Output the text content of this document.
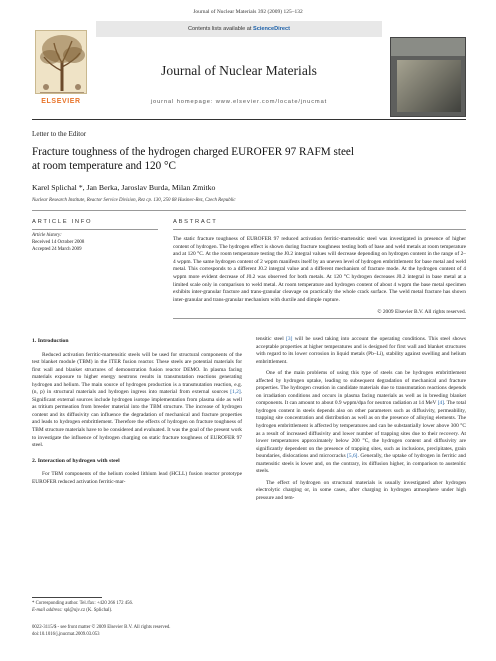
Journal of Nuclear Materials 392 (2009) 125–132
ELSEVIER
Contents lists available at ScienceDirect
Journal of Nuclear Materials
journal homepage: www.elsevier.com/locate/jnucmat
Letter to the Editor
Fracture toughness of the hydrogen charged EUROFER 97 RAFM steel
at room temperature and 120 °C
Karel Splichal *, Jan Berka, Jaroslav Burda, Milan Zmitko
Nuclear Research Institute, Reactor Service Division, Rez cp. 130, 250 68 Husinec-Rez, Czech Republic
ARTICLE INFO	ABSTRACT
Article history:
Received 14 October 2008
Accepted 24 March 2009
The static fracture toughness of EUROFER 97 reduced activation ferritic-martensitic steel was investigated in presence of higher content of hydrogen. The hydrogen effect is shown during fracture toughness testing both of base and weld metals at room temperature and at 120 °C. At the room temperature testing the J0.2 integral values will decrease depending on hydrogen content in the range of 2–4 wppm. The same hydrogen content of 2 wppm manifests itself by an uneven level of hydrogen embrittlement for base metal and weld metal. This corresponds to a different J0.2 integral value and a different mechanism of fracture mode. At the hydrogen content of 4 wppm more evident decrease of J0.2 was observed for both metals. At 120 °C hydrogen decreases J0.2 integral in base metal at a limited scale only in comparison to weld metal. At room temperature and hydrogen content of about 4 wppm the base metal specimen exhibits inter-granular fracture and trans-granular cleavage on practically the whole crack surface. The weld metal fracture has shown inter-granular and trans-granular mechanism with ductile and dimple rupture.
© 2009 Elsevier B.V. All rights reserved.
1. Introduction

Reduced activation ferritic-martensitic steels will be used for structural components of the test blanket module (TBM) in the ITER fusion reactor. These steels are potential materials for first wall and blanket structures of demonstration fusion reactor DEMO. In plasma facing materials exposure to higher energy neutrons results in transmutation reactions generating hydrogen and helium. The main source of hydrogen production is a transmutation reaction, e.g. (n, p) in structural materials and hydrogen ingress into material from external sources [1,2]. Significant external sources include hydrogen isotope implementation from plasma side as well as tritium permeation from breeder material into the TBM structure. The increase of hydrogen content and its diffusivity can influence the degradation of mechanical and fracture properties and leads to hydrogen embrittlement. Therefore the effects of hydrogen on fracture toughness of TBM structure materials have to be considered and evaluated. It was the goal of the present work to investigate the influence of hydrogen charging on static fracture toughness of EUROFER 97 steel.

2. Interaction of hydrogen with steel

For TBM components of the helium cooled lithium lead (HCLL) fusion reactor prototype EUROFER reduced activation ferritic-mar-

tensitic steel [3] will be used taking into account the operating conditions. This steel shows acceptable properties at higher temperatures and is designed for first wall and blanket structures with regard to its lower corrosion in liquid metals (Pb–Li), stability against swelling and helium embrittlement.

One of the main problems of using this type of steels can be hydrogen embrittlement affected by hydrogen uptake, leading to subsequent degradation of mechanical and fracture properties. The hydrogen creation in candidate materials due to transmutation reactions depends on irradiation conditions and occurs in plasma facing materials as well as in breeding blanket components. It can amount to about 0.9 wppm/dpa for neutron radiation at 14 MeV [4]. The total hydrogen content in steels depends also on other parameters such as diffusivity, permeability, trapping site concentration and distribution as well as on the presence of alloying elements. The hydrogen embrittlement is affected by temperatures and can be substantially lower above 300 °C as a result of increased diffusivity and lower number of trapping sites due to their recovery. At lower temperatures approximately below 200 °C, the hydrogen content and diffusivity are significantly dependent on the presence of trapping sites, such as inclusions, precipitates, grain boundaries, dislocations and microcracks [5,6]. Generally, the uptake of hydrogen in ferritic and martensitic steels is lower and, on the contrary, its diffusion higher, in comparison to austenitic steels.

The effect of hydrogen on structural materials is usually investigated after hydrogen electrolytic charging or, in some cases, after charging in hydrogen atmosphere under high pressure and tem-

* Corresponding author. Tel./fax: +420 266 172 456.
E-mail address: spl@ujv.cz (K. Splichal).
0022-3115/$ - see front matter © 2009 Elsevier B.V. All rights reserved.
doi:10.1016/j.jnucmat.2009.03.053
